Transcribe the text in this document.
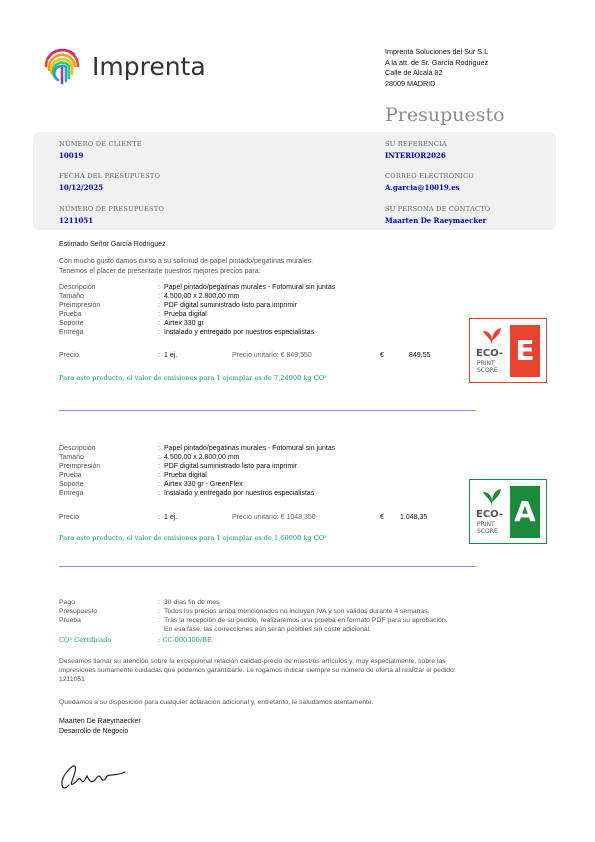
Imprenta
Imprenta Soluciones del Sur S.L
A la att. de Sr. García Rodriguez
Calle de Alcalá 82
28009 MADRID
Presupuesto
NÚMERO DE CLIENTE
10019
FECHA DEL PRESUPUESTO
10/12/2025
NÚMERO DE PRESUPUESTO
1211051
SU REFERENCIA
INTERIOR2026
CORREO ELECTRÓNICO
A.garcia@10019.es
SU PERSONA DE CONTACTO
Maarten De Raeymaecker
Estimado Señor García Rodriguez
Con mucho gusto damos curso a su solicitud de papel pintado/pegatinas murales.
Tenemos el placer de presentarle nuestros mejores precios para:
Descripción	: Papel pintado/pegatinas murales - Fotomural sin juntas
Tamaño	: 4.500,00 x 2.800,00 mm
Preimpresión	: PDF digital suministrado listo para imprimir
Prueba	: Prueba digital
Soporte	: Airtex 330 gr
Entrega	: Instalado y entregado por nuestros especialistas
Precio	: 1 ej.	Precio unitario: € 849,550	€	849,55
Para este producto, el valor de emisiones para 1 ejemplar es de 7,24000 kg CO²
ECO-
PRINT
SCORE
E
Descripción	: Papel pintado/pegatinas murales - Fotomural sin juntas
Tamaño	: 4.500,00 x 2.800,00 mm
Preimpresión	: PDF digital suministrado listo para imprimir
Prueba	: Prueba digital
Soporte	: Airtex 330 gr - GreenFlex
Entrega	: Instalado y entregado por nuestros especialistas
Precio	: 1 ej.	Precio unitario: € 1048,350	€ 1.048,35
Para este producto, el valor de emisiones para 1 ejemplar es de 1,60000 kg CO²
ECO-
PRINT
SCORE
A
Pago	: 30 días fin de mes
Presupuesto	: Todos los precios arriba mencionados no incluyen IVA y son válidos durante 4 semanas.
Prueba	: Tras la recepción de su pedido, realizaremos una prueba en formato PDF para su aprobación.
En esa fase, las correcciones aún serán posibles sin coste adicional.
CO² Certificado	: CC-000300/BE
Deseamos llamar su atención sobre la excepcional relación calidad-precio de nuestros artículos y, muy especialmente, sobre las
impresiones sumamente cuidadas que podemos garantizarle. Le rogamos indicar siempre su número de oferta al realizar el pedido:
1211051
Quedamos a su disposición para cualquier aclaración adicional y, entretanto, le saludamos atentamente.
Maarten De Raeymaecker
Desarrollo de Negocio
